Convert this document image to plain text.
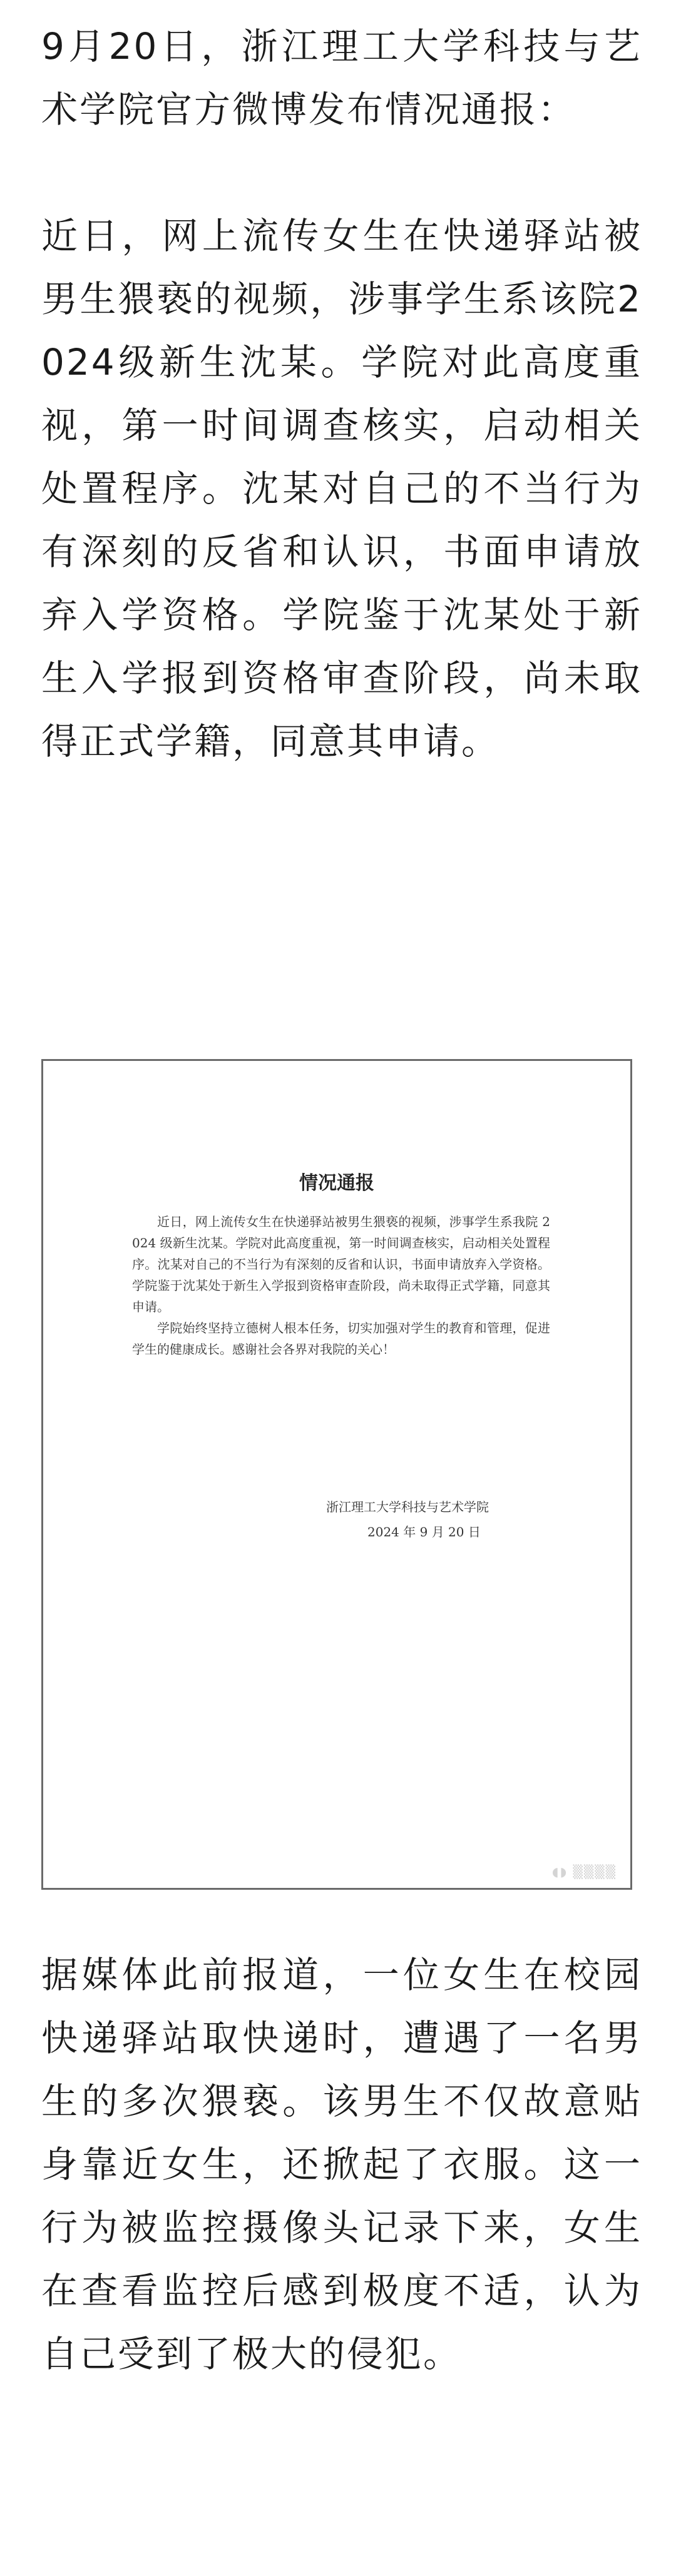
9月20日，浙江理工大学科技与艺术学院官方微博发布情况通报：

近日，网上流传女生在快递驿站被男生猥亵的视频，涉事学生系该院2024级新生沈某。学院对此高度重视，第一时间调查核实，启动相关处置程序。沈某对自己的不当行为有深刻的反省和认识，书面申请放弃入学资格。学院鉴于沈某处于新生入学报到资格审查阶段，尚未取得正式学籍，同意其申请。

情况通报

近日，网上流传女生在快递驿站被男生猥亵的视频，涉事学生系我院 2024 级新生沈某。学院对此高度重视，第一时间调查核实，启动相关处置程序。沈某对自己的不当行为有深刻的反省和认识，书面申请放弃入学资格。学院鉴于沈某处于新生入学报到资格审查阶段，尚未取得正式学籍，同意其申请。

学院始终坚持立德树人根本任务，切实加强对学生的教育和管理，促进学生的健康成长。感谢社会各界对我院的关心！

浙江理工大学科技与艺术学院
2024 年 9 月 20 日
◖◗ ▒▒▒▒

据媒体此前报道，一位女生在校园快递驿站取快递时，遭遇了一名男生的多次猥亵。该男生不仅故意贴身靠近女生，还掀起了衣服。这一行为被监控摄像头记录下来，女生在查看监控后感到极度不适，认为自己受到了极大的侵犯。
